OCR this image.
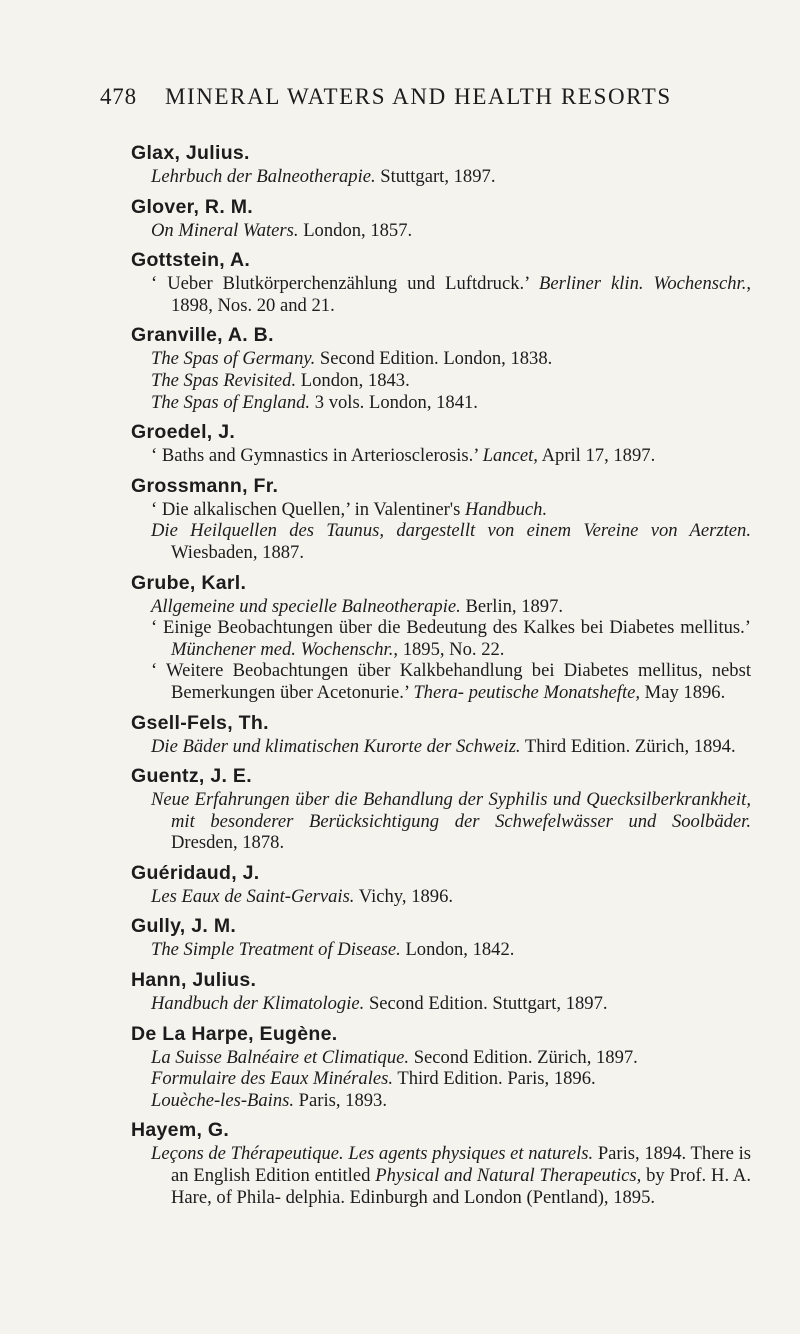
478 MINERAL WATERS AND HEALTH RESORTS
Glax, Julius.
Lehrbuch der Balneotherapie. Stuttgart, 1897.
Glover, R. M.
On Mineral Waters. London, 1857.
Gottstein, A.
‘ Ueber Blutkörperchenzählung und Luftdruck.’ Berliner klin. Wochenschr., 1898, Nos. 20 and 21.
Granville, A. B.
The Spas of Germany. Second Edition. London, 1838.
The Spas Revisited. London, 1843.
The Spas of England. 3 vols. London, 1841.
Groedel, J.
‘ Baths and Gymnastics in Arteriosclerosis.’ Lancet, April 17, 1897.
Grossmann, Fr.
‘ Die alkalischen Quellen,’ in Valentiner's Handbuch.
Die Heilquellen des Taunus, dargestellt von einem Vereine von Aerzten. Wiesbaden, 1887.
Grube, Karl.
Allgemeine und specielle Balneotherapie. Berlin, 1897.
‘ Einige Beobachtungen über die Bedeutung des Kalkes bei Diabetes mellitus.’ Münchener med. Wochenschr., 1895, No. 22.
‘ Weitere Beobachtungen über Kalkbehandlung bei Diabetes mellitus, nebst Bemerkungen über Acetonurie.’ Thera- peutische Monatshefte, May 1896.
Gsell-Fels, Th.
Die Bäder und klimatischen Kurorte der Schweiz. Third Edition. Zürich, 1894.
Guentz, J. E.
Neue Erfahrungen über die Behandlung der Syphilis und Quecksilberkrankheit, mit besonderer Berücksichtigung der Schwefelwässer und Soolbäder. Dresden, 1878.
Guéridaud, J.
Les Eaux de Saint-Gervais. Vichy, 1896.
Gully, J. M.
The Simple Treatment of Disease. London, 1842.
Hann, Julius.
Handbuch der Klimatologie. Second Edition. Stuttgart, 1897.
De La Harpe, Eugène.
La Suisse Balnéaire et Climatique. Second Edition. Zürich, 1897.
Formulaire des Eaux Minérales. Third Edition. Paris, 1896.
Louèche-les-Bains. Paris, 1893.
Hayem, G.
Leçons de Thérapeutique. Les agents physiques et naturels. Paris, 1894. There is an English Edition entitled Physical and Natural Therapeutics, by Prof. H. A. Hare, of Phila- delphia. Edinburgh and London (Pentland), 1895.
